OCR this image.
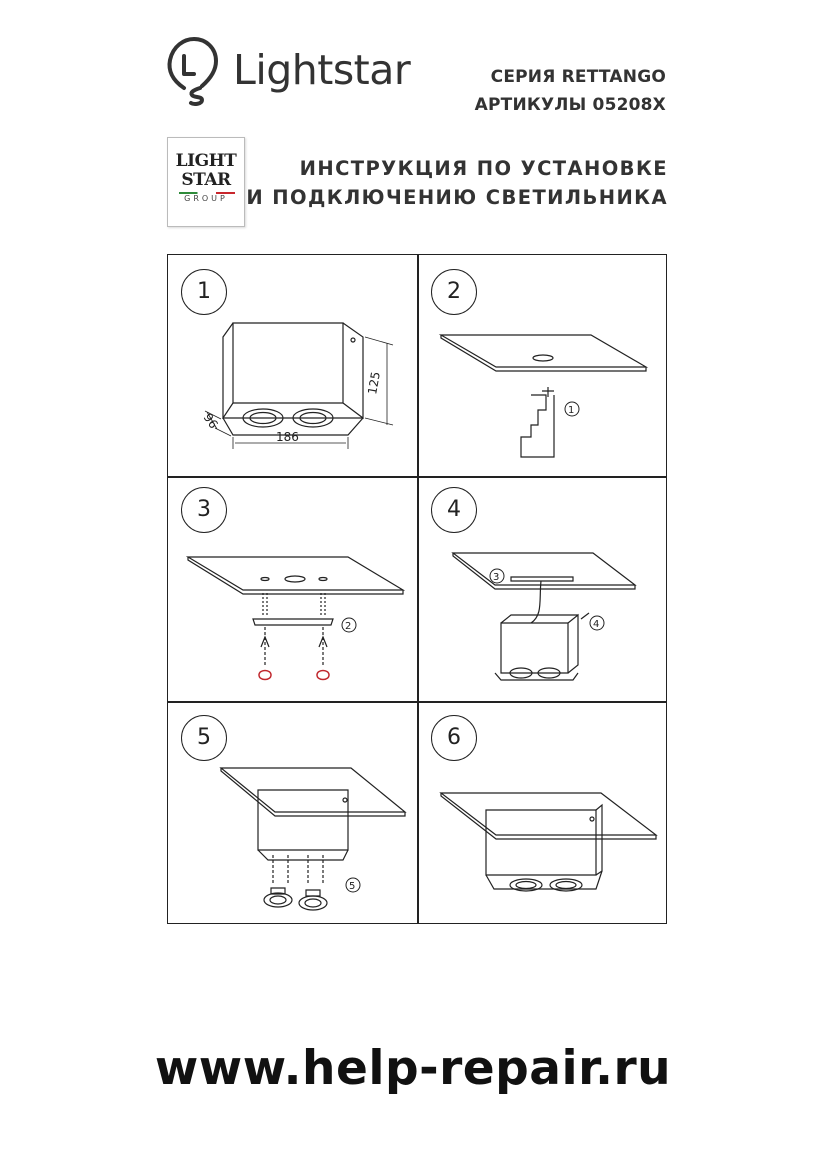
Lightstar	СЕРИЯ RETTANGO
АРТИКУЛЫ 05208X
LIGHT
STAR
GROUP
ИНСТРУКЦИЯ ПО УСТАНОВКЕ
И ПОДКЛЮЧЕНИЮ СВЕТИЛЬНИКА
1	2
3	4
5	6
186
125
96
1
2
3
4
5
www.help-repair.ru
